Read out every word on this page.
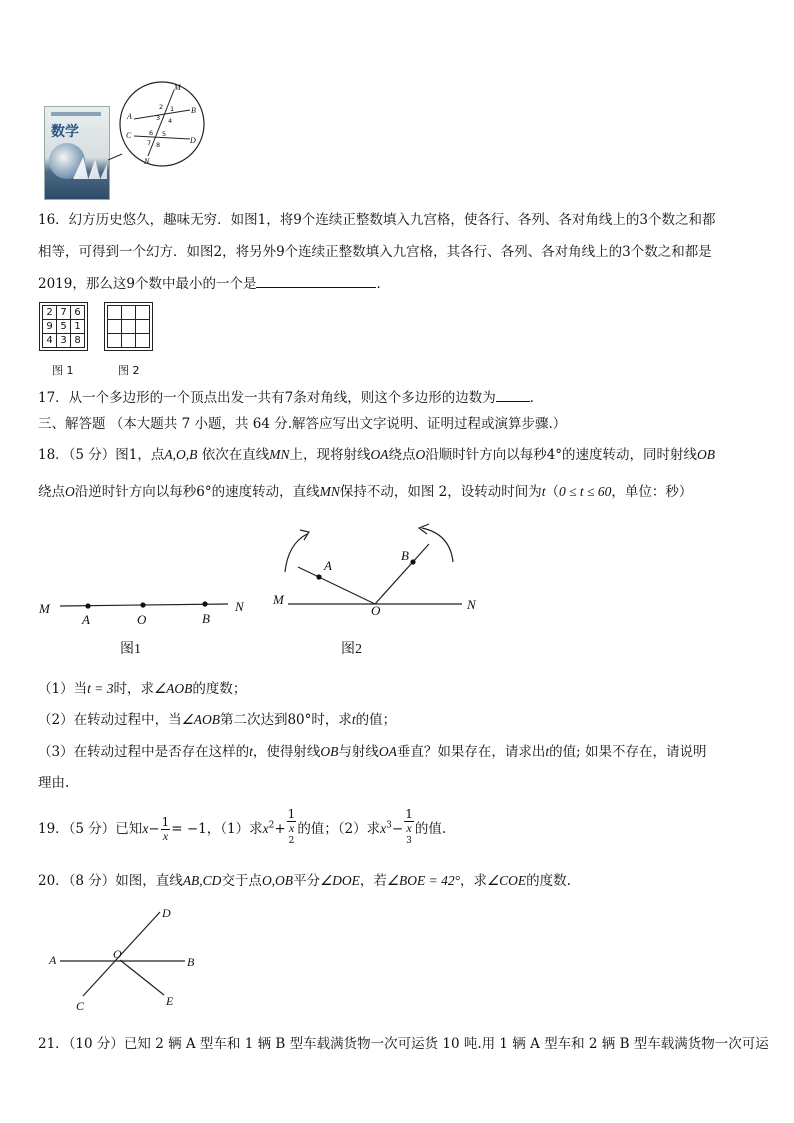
数学
M
B
A
C
D
N
2 1
3 4
6 5
7 8
16．幻方历史悠久，趣味无穷．如图1，将9个连续正整数填入九宫格，使各行、各列、各对角线上的3个数之和都
相等，可得到一个幻方．如图2，将另外9个连续正整数填入九宫格，其各行、各列、各对角线上的3个数之和都是
2019，那么这9个数中最小的一个是	．
2	7	6
9	5	1
4	3	8

图 1	图 2
17．从一个多边形的一个顶点出发一共有7条对角线，则这个多边形的边数为	．
三、解答题 （本大题共 7 小题，共 64 分.解答应写出文字说明、证明过程或演算步骤.）
18．（5 分）图1，点A,O,B 依次在直线MN上，现将射线OA绕点O沿顺时针方向以每秒4°的速度转动，同时射线OB
绕点O沿逆时针方向以每秒6°的速度转动，直线MN保持不动，如图 2，设转动时间为t（0 ≤ t ≤ 60，单位：秒）
M	N
A	O	B
M	N
A
O
B
图1	图2
（1）当t = 3时，求∠AOB的度数；
（2）在转动过程中，当∠AOB第二次达到80°时，求t的值；
（3）在转动过程中是否存在这样的t，使得射线OB与射线OA垂直？如果存在，请求出t的值; 如果不存在，请说明
理由.
19．（5 分）已知$x- \frac{1}{x} = -1$，（1）求$x^2+ 1$
x
$^2$ 的值；（2）求$x^3- 1$
x
$^3$ 的值.
20．（8 分）如图，直线AB,CD交于点O,OB平分∠DOE，若∠BOE = 42°，求∠COE的度数.
A	B
C
D
E
O
21．（10 分）已知 2 辆 A 型车和 1 辆 B 型车载满货物一次可运货 10 吨.用 1 辆 A 型车和 2 辆 B 型车载满货物一次可运
